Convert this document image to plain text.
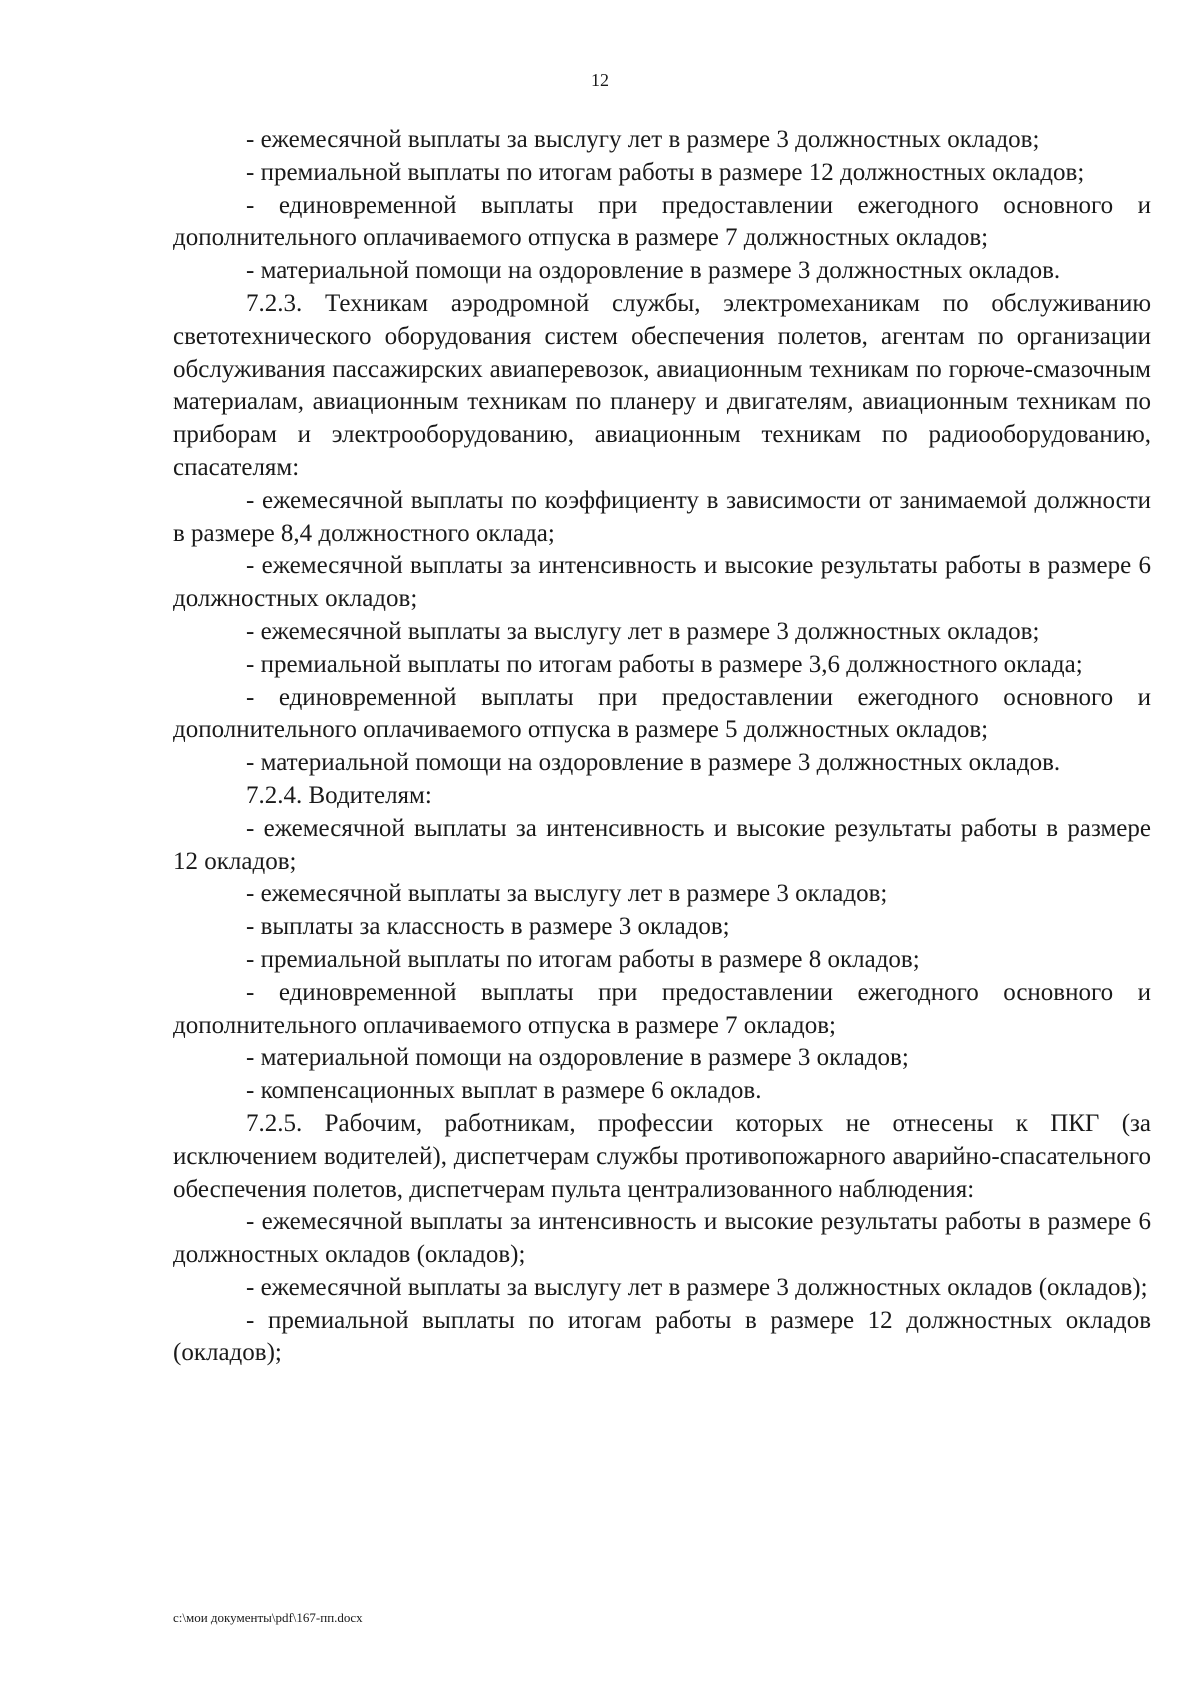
12

- ежемесячной выплаты за выслугу лет в размере 3 должностных окладов;

- премиальной выплаты по итогам работы в размере 12 должностных окладов;

- единовременной выплаты при предоставлении ежегодного основного и дополнительного оплачиваемого отпуска в размере 7 должностных окладов;

- материальной помощи на оздоровление в размере 3 должностных окладов.

7.2.3. Техникам аэродромной службы, электромеханикам по обслуживанию светотехнического оборудования систем обеспечения полетов, агентам по организации обслуживания пассажирских авиаперевозок, авиационным техникам по горюче-смазочным материалам, авиационным техникам по планеру и двигателям, авиационным техникам по приборам и электрооборудованию, авиационным техникам по радиооборудованию, спасателям:

- ежемесячной выплаты по коэффициенту в зависимости от занимаемой должности в размере 8,4 должностного оклада;

- ежемесячной выплаты за интенсивность и высокие результаты работы в размере 6 должностных окладов;

- ежемесячной выплаты за выслугу лет в размере 3 должностных окладов;

- премиальной выплаты по итогам работы в размере 3,6 должностного оклада;

- единовременной выплаты при предоставлении ежегодного основного и дополнительного оплачиваемого отпуска в размере 5 должностных окладов;

- материальной помощи на оздоровление в размере 3 должностных окладов.

7.2.4. Водителям:

- ежемесячной выплаты за интенсивность и высокие результаты работы в размере 12 окладов;

- ежемесячной выплаты за выслугу лет в размере 3 окладов;

- выплаты за классность в размере 3 окладов;

- премиальной выплаты по итогам работы в размере 8 окладов;

- единовременной выплаты при предоставлении ежегодного основного и дополнительного оплачиваемого отпуска в размере 7 окладов;

- материальной помощи на оздоровление в размере 3 окладов;

- компенсационных выплат в размере 6 окладов.

7.2.5. Рабочим, работникам, профессии которых не отнесены к ПКГ (за исключением водителей), диспетчерам службы противопожарного аварийно-спасательного обеспечения полетов, диспетчерам пульта централизованного наблюдения:

- ежемесячной выплаты за интенсивность и высокие результаты работы в размере 6 должностных окладов (окладов);

- ежемесячной выплаты за выслугу лет в размере 3 должностных окладов (окладов);

- премиальной выплаты по итогам работы в размере 12 должностных окладов (окладов);

c:\мои документы\pdf\167-пп.docx
